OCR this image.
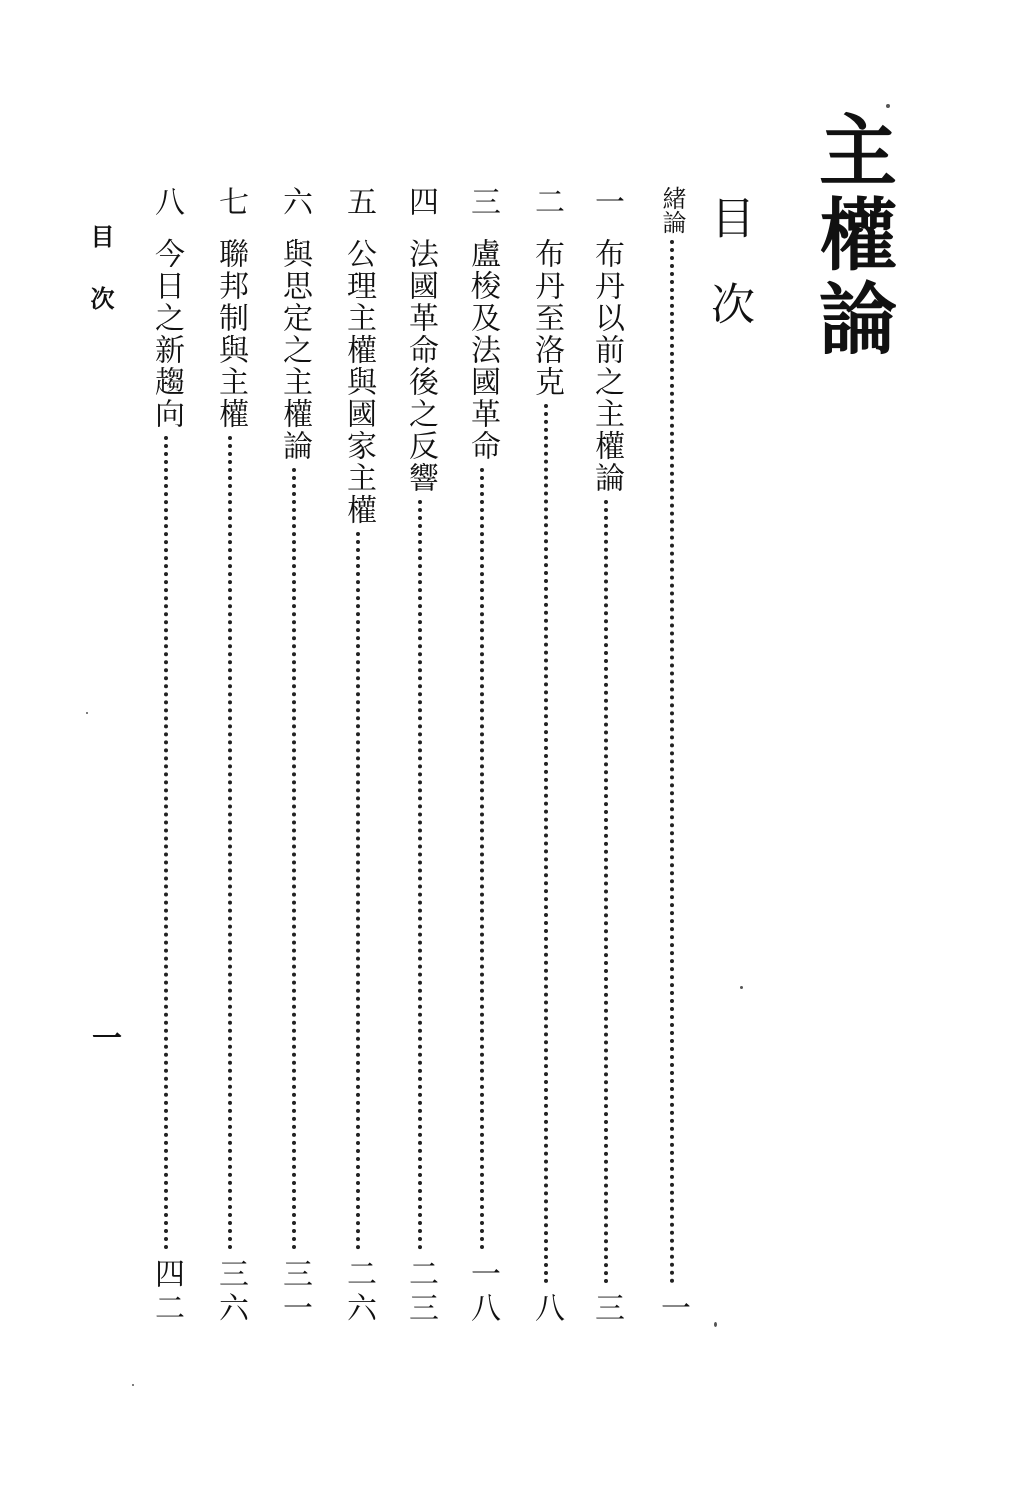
主權論
目次
緒論
一
一
布丹以前之主權論
三
二
布丹至洛克
八
三
盧梭及法國革命
一八
四
法國革命後之反響
二三
五
公理主權與國家主權
二六
六
與思定之主權論
三一
七
聯邦制與主權
三六
八
今日之新趨向
四二
目次
一
